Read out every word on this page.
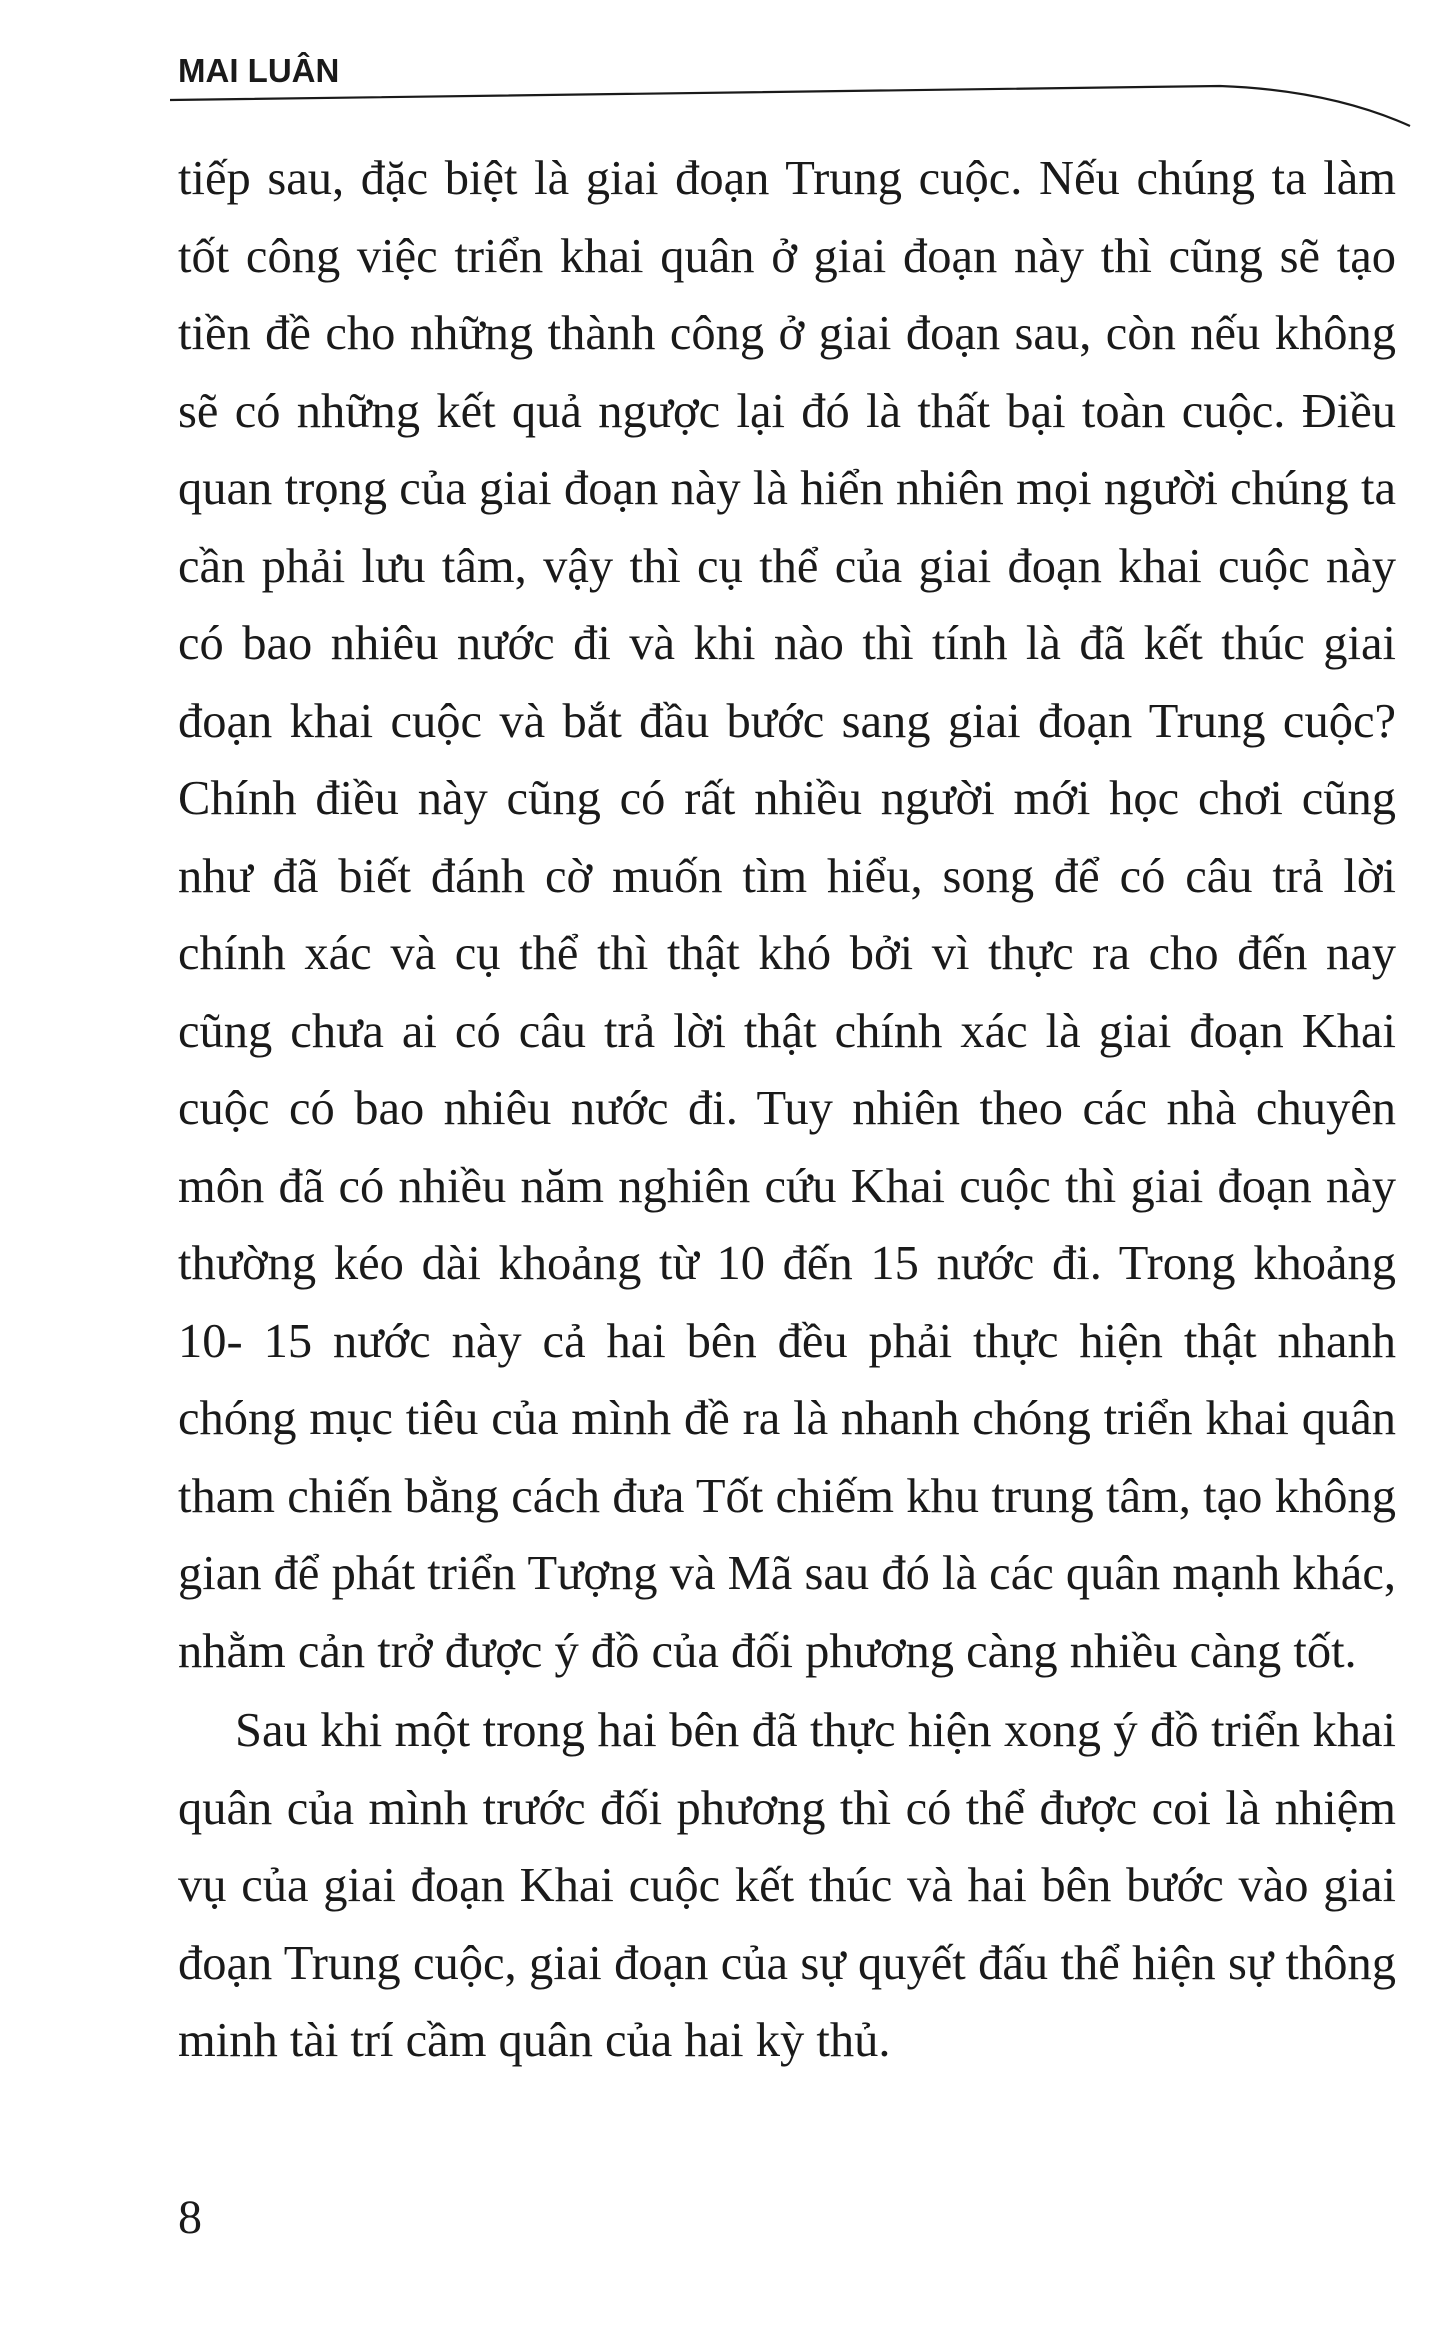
MAI LUÂN

tiếp sau, đặc biệt là giai đoạn Trung cuộc. Nếu chúng ta làm tốt công việc triển khai quân ở giai đoạn này thì cũng sẽ tạo tiền đề cho những thành công ở giai đoạn sau, còn nếu không sẽ có những kết quả ngược lại đó là thất bại toàn cuộc. Điều quan trọng của giai đoạn này là hiển nhiên mọi người chúng ta cần phải lưu tâm, vậy thì cụ thể của giai đoạn khai cuộc này có bao nhiêu nước đi và khi nào thì tính là đã kết thúc giai đoạn khai cuộc và bắt đầu bước sang giai đoạn Trung cuộc? Chính điều này cũng có rất nhiều người mới học chơi cũng như đã biết đánh cờ muốn tìm hiểu, song để có câu trả lời chính xác và cụ thể thì thật khó bởi vì thực ra cho đến nay cũng chưa ai có câu trả lời thật chính xác là giai đoạn Khai cuộc có bao nhiêu nước đi. Tuy nhiên theo các nhà chuyên môn đã có nhiều năm nghiên cứu Khai cuộc thì giai đoạn này thường kéo dài khoảng từ 10 đến 15 nước đi. Trong khoảng 10- 15 nước này cả hai bên đều phải thực hiện thật nhanh chóng mục tiêu của mình đề ra là nhanh chóng triển khai quân tham chiến bằng cách đưa Tốt chiếm khu trung tâm, tạo không gian để phát triển Tượng và Mã sau đó là các quân mạnh khác, nhằm cản trở được ý đồ của đối phương càng nhiều càng tốt.

Sau khi một trong hai bên đã thực hiện xong ý đồ triển khai quân của mình trước đối phương thì có thể được coi là nhiệm vụ của giai đoạn Khai cuộc kết thúc và hai bên bước vào giai đoạn Trung cuộc, giai đoạn của sự quyết đấu thể hiện sự thông minh tài trí cầm quân của hai kỳ thủ.

8
